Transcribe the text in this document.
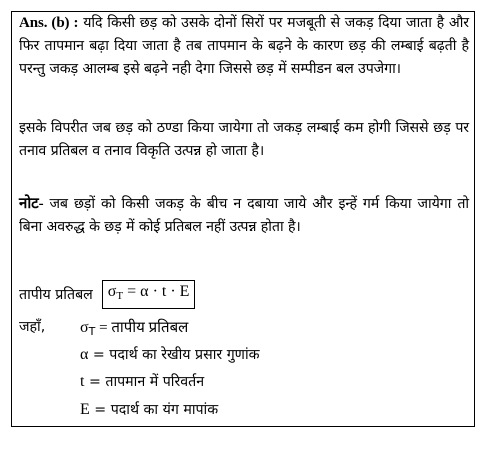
Ans. (b) : यदि किसी छड़ को उसके दोनों सिरों पर मजबूती से जकड़ दिया जाता है और फिर तापमान बढ़ा दिया जाता है तब तापमान के बढ़ने के कारण छड़ की लम्बाई बढ़ती है परन्तु जकड़ आलम्ब इसे बढ़ने नही देगा जिससे छड़ में सम्पीडन बल उपजेगा।
इसके विपरीत जब छड़ को ठण्डा किया जायेगा तो जकड़ लम्बाई कम होगी जिससे छड़ पर तनाव प्रतिबल व तनाव विकृति उत्पन्न हो जाता है।
नोट- जब छड़ों को किसी जकड़ के बीच न दबाया जाये और इन्हें गर्म किया जायेगा तो बिना अवरुद्ध के छड़ में कोई प्रतिबल नहीं उत्पन्न होता है।
तापीय प्रतिबल $\sigma_T = \alpha \cdot t \cdot E$
जहाँ, $\sigma_T$ = तापीय प्रतिबल
α = पदार्थ का रेखीय प्रसार गुणांक
t = तापमान में परिवर्तन
E = पदार्थ का यंग मापांक
